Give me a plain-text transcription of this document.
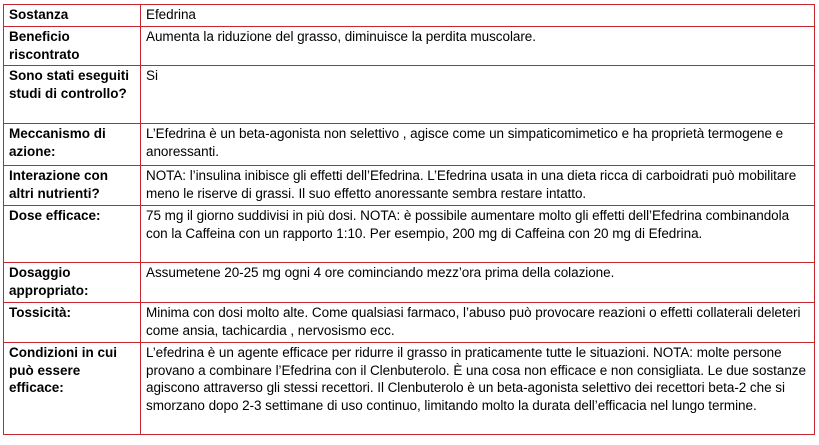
Sostanza	Efedrina
Beneficio riscontrato	Aumenta la riduzione del grasso, diminuisce la perdita muscolare.
Sono stati eseguiti studi di controllo?	Si
Meccanismo di azione:	L’Efedrina è un beta-agonista non selettivo , agisce come un simpaticomimetico e ha proprietà termogene e anoressanti.
Interazione con altri nutrienti?	NOTA: l’insulina inibisce gli effetti dell’Efedrina. L’Efedrina usata in una dieta ricca di carboidrati può mobilitare meno le riserve di grassi. Il suo effetto anoressante sembra restare intatto.
Dose efficace:	75 mg il giorno suddivisi in più dosi. NOTA: è possibile aumentare molto gli effetti dell’Efedrina combinandola con la Caffeina con un rapporto 1:10. Per esempio, 200 mg di Caffeina con 20 mg di Efedrina.
Dosaggio appropriato:	Assumetene 20-25 mg ogni 4 ore cominciando mezz’ora prima della colazione.
Tossicità:	Minima con dosi molto alte. Come qualsiasi farmaco, l’abuso può provocare reazioni o effetti collaterali deleteri come ansia, tachicardia , nervosismo ecc.
Condizioni in cui può essere efficace:	L’efedrina è un agente efficace per ridurre il grasso in praticamente tutte le situazioni. NOTA: molte persone provano a combinare l’Efedrina con il Clenbuterolo. È una cosa non efficace e non consigliata. Le due sostanze agiscono attraverso gli stessi recettori. Il Clenbuterolo è un beta-agonista selettivo dei recettori beta-2 che si smorzano dopo 2-3 settimane di uso continuo, limitando molto la durata dell’efficacia nel lungo termine.
